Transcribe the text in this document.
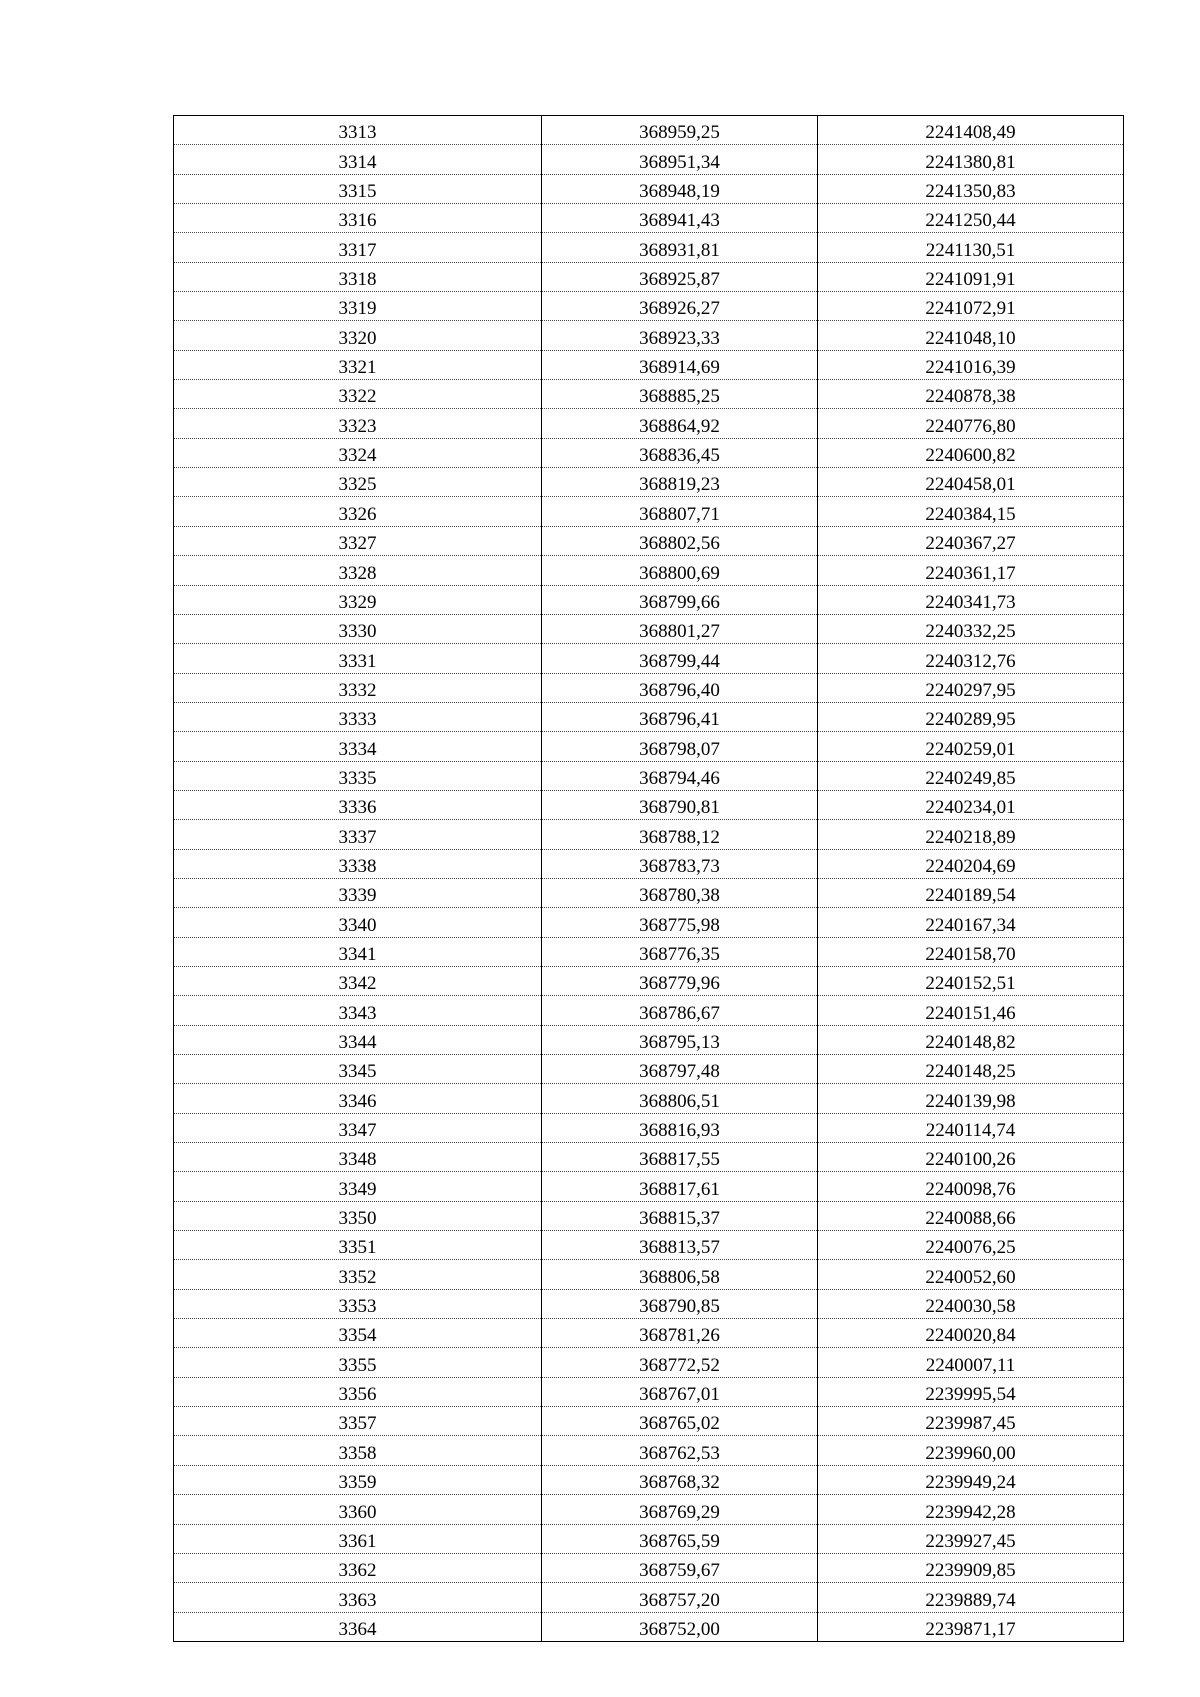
3313	368959,25	2241408,49
3314	368951,34	2241380,81
3315	368948,19	2241350,83
3316	368941,43	2241250,44
3317	368931,81	2241130,51
3318	368925,87	2241091,91
3319	368926,27	2241072,91
3320	368923,33	2241048,10
3321	368914,69	2241016,39
3322	368885,25	2240878,38
3323	368864,92	2240776,80
3324	368836,45	2240600,82
3325	368819,23	2240458,01
3326	368807,71	2240384,15
3327	368802,56	2240367,27
3328	368800,69	2240361,17
3329	368799,66	2240341,73
3330	368801,27	2240332,25
3331	368799,44	2240312,76
3332	368796,40	2240297,95
3333	368796,41	2240289,95
3334	368798,07	2240259,01
3335	368794,46	2240249,85
3336	368790,81	2240234,01
3337	368788,12	2240218,89
3338	368783,73	2240204,69
3339	368780,38	2240189,54
3340	368775,98	2240167,34
3341	368776,35	2240158,70
3342	368779,96	2240152,51
3343	368786,67	2240151,46
3344	368795,13	2240148,82
3345	368797,48	2240148,25
3346	368806,51	2240139,98
3347	368816,93	2240114,74
3348	368817,55	2240100,26
3349	368817,61	2240098,76
3350	368815,37	2240088,66
3351	368813,57	2240076,25
3352	368806,58	2240052,60
3353	368790,85	2240030,58
3354	368781,26	2240020,84
3355	368772,52	2240007,11
3356	368767,01	2239995,54
3357	368765,02	2239987,45
3358	368762,53	2239960,00
3359	368768,32	2239949,24
3360	368769,29	2239942,28
3361	368765,59	2239927,45
3362	368759,67	2239909,85
3363	368757,20	2239889,74
3364	368752,00	2239871,17
